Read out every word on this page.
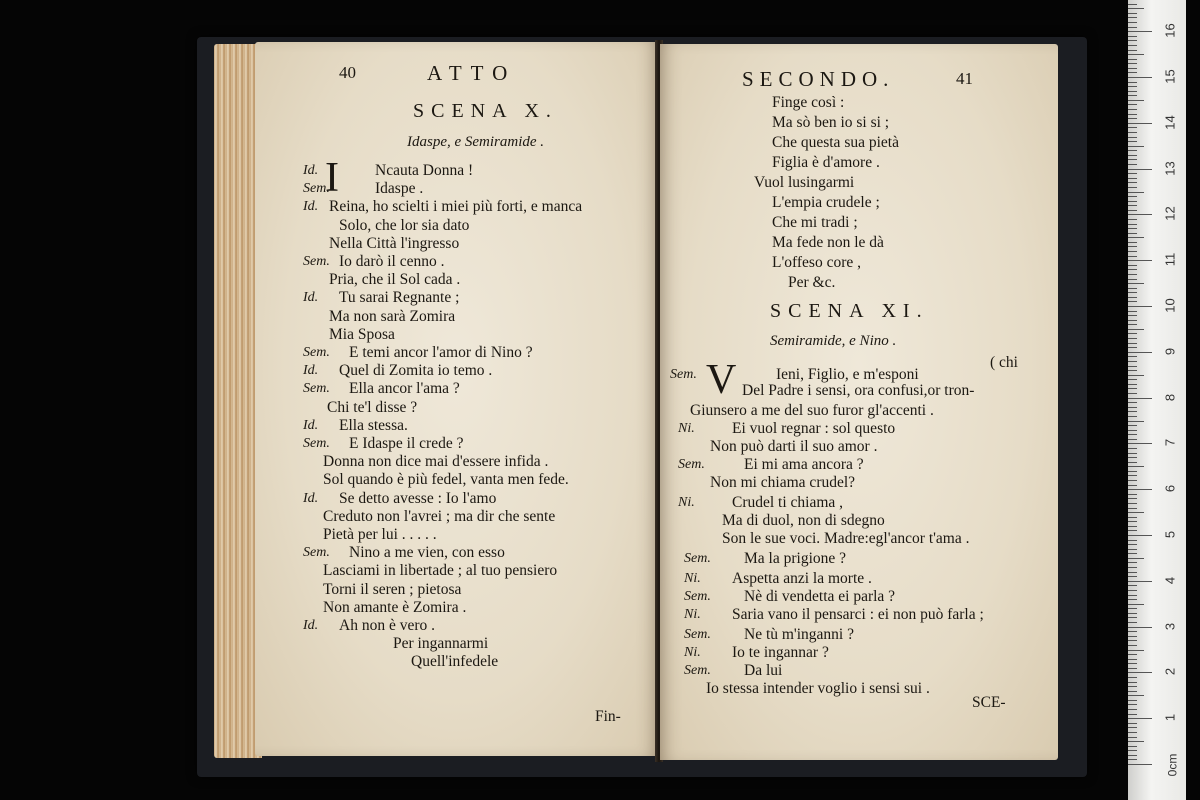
40	ATTO
SCENA X.
Idaspe, e Semiramide .
I
Id.	Ncauta Donna !
Sem.	Idaspe .
Id. Reina, ho scielti i miei più forti, e manca
Solo, che lor sia dato
Nella Città l'ingresso
Sem. Io darò il cenno .
Pria, che il Sol cada .
Id. Tu sarai Regnante ;
Ma non sarà Zomira
Mia Sposa
Sem. E temi ancor l'amor di Nino ?
Id. Quel di Zomita io temo .
Sem. Ella ancor l'ama ?
Chi te'l disse ?
Id. Ella stessa.
Sem. E Idaspe il crede ?
Donna non dice mai d'essere infida .
Sol quando è più fedel, vanta men fede.
Id. Se detto avesse : Io l'amo
Creduto non l'avrei ; ma dir che sente
Pietà per lui . . . . .
Sem. Nino a me vien, con esso
Lasciami in libertade ; al tuo pensiero
Torni il seren ; pietosa
Non amante è Zomira .
Id. Ah non è vero .
Per ingannarmi
Quell'infedele
Fin-
SECONDO.	41
Finge così :
Ma sò ben io si si ;
Che questa sua pietà
Figlia è d'amore .
Vuol lusingarmi
L'empia crudele ;
Che mi tradi ;
Ma fede non le dà
L'offeso core ,
Per &c.
SCENA XI.
Semiramide, e Nino .
V
Sem.	Ieni, Figlio, e m'esponi
Del Padre i sensi, ora confusi,or tron-
( chi
Giunsero a me del suo furor gl'accenti .
Ni. Ei vuol regnar : sol questo
Non può darti il suo amor .
Sem.	Ei mi ama ancora ?
Non mi chiama crudel?
Ni. Crudel ti chiama ,
Ma di duol, non di sdegno
Son le sue voci. Madre:egl'ancor t'ama .
Sem. Ma la prigione ?
Ni. Aspetta anzi la morte .
Sem. Nè di vendetta ei parla ?
Ni. Saria vano il pensarci : ei non può farla ;
Sem. Ne tù m'inganni ?
Ni. Io te ingannar ?
Sem. Da lui
Io stessa intender voglio i sensi sui .
SCE-
16
15
14
13
12
11
10
9
8
7
6
5
4
3
2
1
0cm
